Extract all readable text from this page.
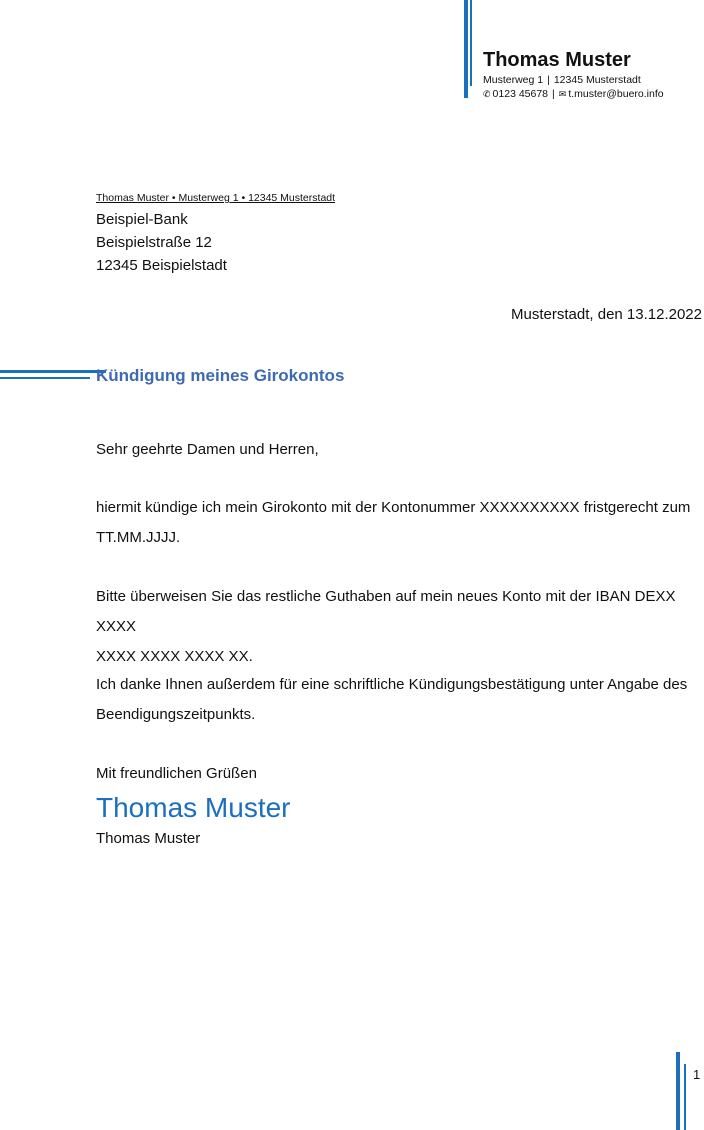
Thomas Muster
Musterweg 1 | 12345 Musterstadt
✆ 0123 45678 | ✉ t.muster@buero.info
Thomas Muster • Musterweg 1 • 12345 Musterstadt
Beispiel-Bank
Beispielstraße 12
12345 Beispielstadt
Musterstadt, den 13.12.2022
Kündigung meines Girokontos
Sehr geehrte Damen und Herren,
hiermit kündige ich mein Girokonto mit der Kontonummer XXXXXXXXXX fristgerecht zum
TT.MM.JJJJ.
Bitte überweisen Sie das restliche Guthaben auf mein neues Konto mit der IBAN DEXX XXXX
XXXX XXXX XXXX XX.
Ich danke Ihnen außerdem für eine schriftliche Kündigungsbestätigung unter Angabe des
Beendigungszeitpunkts.
Mit freundlichen Grüßen
Thomas Muster
Thomas Muster
1
